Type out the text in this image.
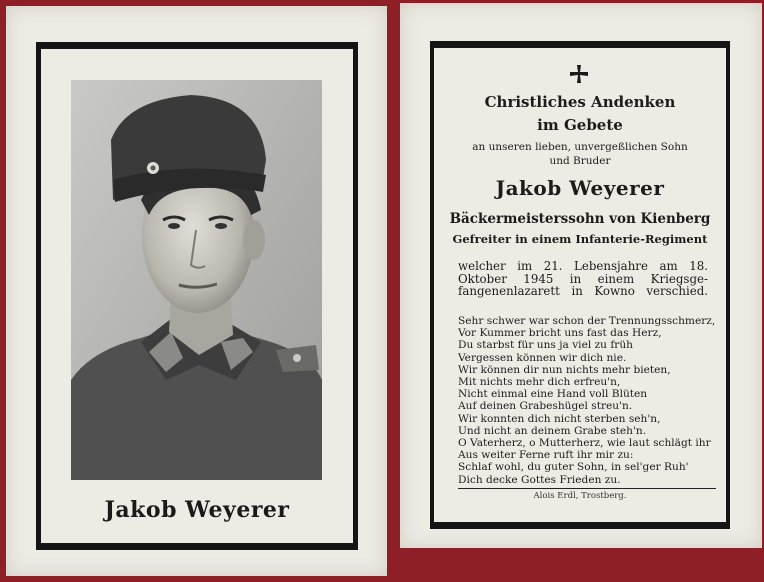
Jakob Weyerer
Christliches Andenken
im Gebete
an unseren lieben, unvergeßlichen Sohn
und Bruder
Jakob Weyerer
Bäckermeisterssohn von Kienberg
Gefreiter in einem Infanterie-Regiment
welcher im 21. Lebensjahre am 18.
Oktober 1945 in einem Kriegsge-
fangenenlazarett in Kowno verschied.
Sehr schwer war schon der Trennungsschmerz,
Vor Kummer bricht uns fast das Herz,
Du starbst für uns ja viel zu früh
Vergessen können wir dich nie.
Wir können dir nun nichts mehr bieten,
Mit nichts mehr dich erfreu'n,
Nicht einmal eine Hand voll Blüten
Auf deinen Grabeshügel streu'n.
Wir konnten dich nicht sterben seh'n,
Und nicht an deinem Grabe steh'n.
O Vaterherz, o Mutterherz, wie laut schlägt ihr
Aus weiter Ferne ruft ihr mir zu:
Schlaf wohl, du guter Sohn, in sel'ger Ruh'
Dich decke Gottes Frieden zu.
Alois Erdl, Trostberg.
